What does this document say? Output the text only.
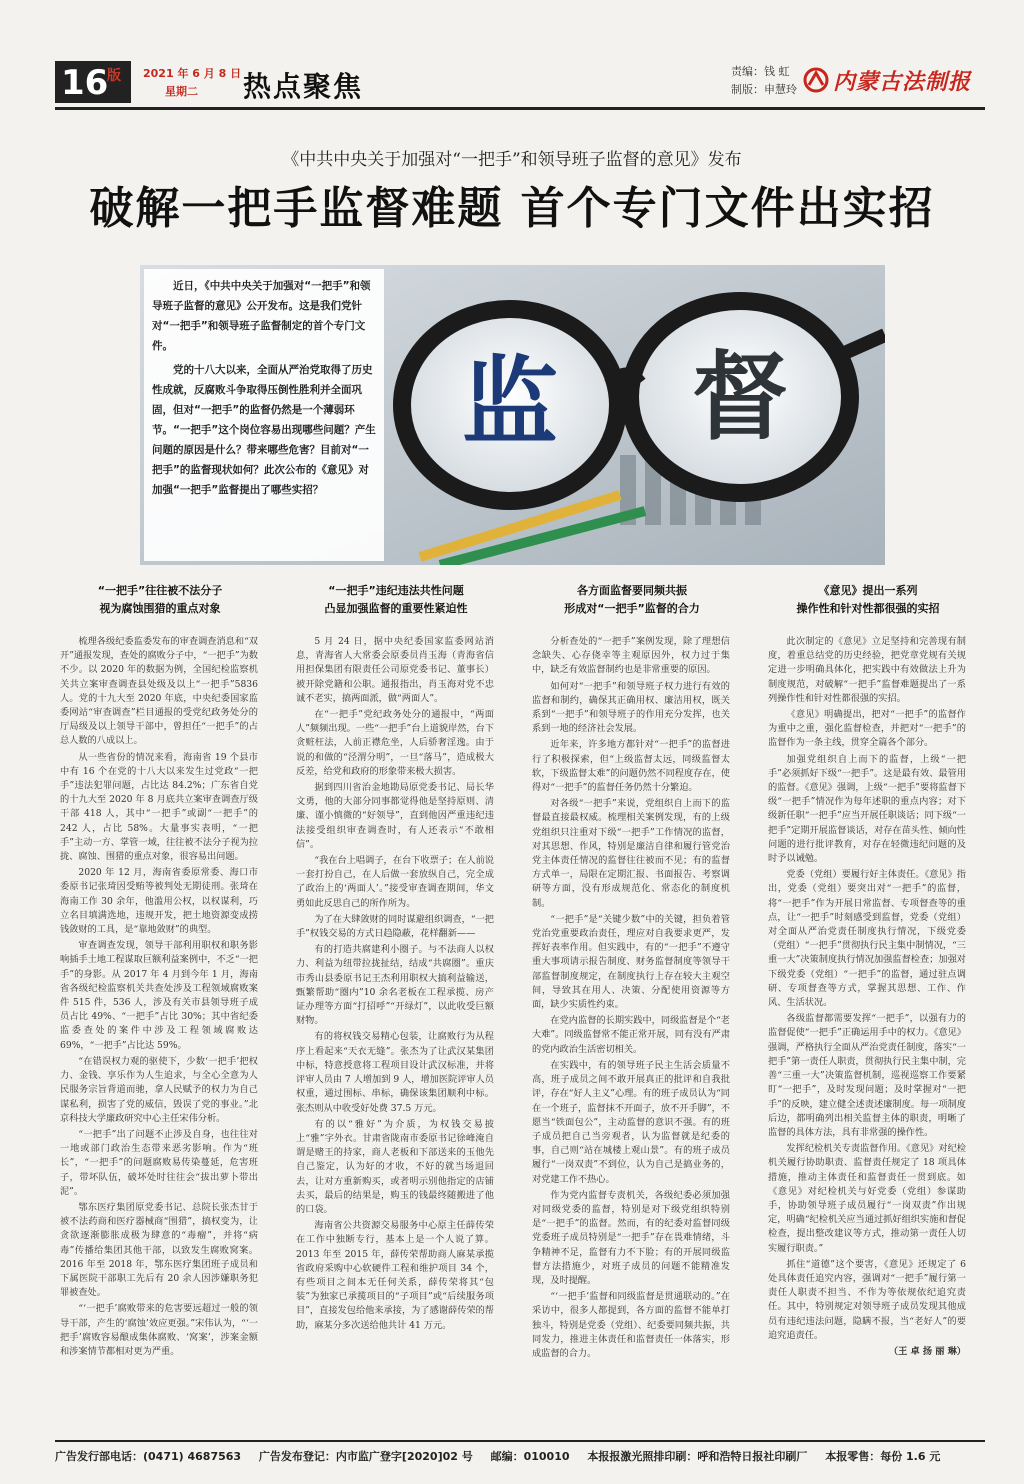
16
版	2021 年 6 月 8 日
星期二 热点聚焦	责编：钱 虹
制版：申慧玲 内蒙古法制报
《中共中央关于加强对“一把手”和领导班子监督的意见》发布
破解一把手监督难题 首个专门文件出实招
监 督

近日，《中共中央关于加强对“一把手”和领导班子监督的意见》公开发布。这是我们党针对“一把手”和领导班子监督制定的首个专门文件。

党的十八大以来，全面从严治党取得了历史性成就，反腐败斗争取得压倒性胜利并全面巩固，但对“一把手”的监督仍然是一个薄弱环节。“一把手”这个岗位容易出现哪些问题？产生问题的原因是什么？带来哪些危害？目前对“一把手”的监督现状如何？此次公布的《意见》对加强“一把手”监督提出了哪些实招？

“一把手”往往被不法分子
视为腐蚀围猎的重点对象
“一把手”违纪违法共性问题
凸显加强监督的重要性紧迫性
各方面监督要同频共振
形成对“一把手”监督的合力
《意见》提出一系列
操作性和针对性都很强的实招

梳理各级纪委监委发布的审查调查消息和“双开”通报发现，查处的腐败分子中，“一把手”为数不少。以 2020 年的数据为例，全国纪检监察机关共立案审查调查县处级及以上“一把手”5836 人。党的十九大至 2020 年底，中央纪委国家监委网站“审查调查”栏目通报的受党纪政务处分的厅局级及以上领导干部中，曾担任“一把手”的占总人数的八成以上。

从一些省份的情况来看，海南省 19 个县市中有 16 个在党的十八大以来发生过党政“一把手”违法犯罪问题，占比达 84.2%；广东省自党的十九大至 2020 年 8 月底共立案审查调查厅级干部 418 人，其中“一把手”或副“一把手”的 242 人，占比 58%。大量事实表明，“一把手”主动一方、掌管一域，往往被不法分子视为拉拢、腐蚀、围猎的重点对象，很容易出问题。

2020 年 12 月，海南省委原常委、海口市委原书记张琦因受贿等被判处无期徒刑。张琦在海南工作 30 余年，他滥用公权，以权谋利，巧立名目填满选地，违规开发，把土地资源变成捞钱敛财的工具，是“靠地敛财”的典型。

审查调查发现，领导干部利用职权和职务影响插手土地工程谋取巨额利益案例中，不乏“一把手”的身影。从 2017 年 4 月到今年 1 月，海南省各级纪检监察机关共查处涉及工程领域腐败案件 515 件，536 人，涉及有关市县领导班子成员占比 49%、“一把手”占比 30%；其中省纪委监委查处的案件中涉及工程领域腐败达 69%，“一把手”占比达 59%。

“在错误权力观的驱使下，少数‘一把手’把权力、金钱、享乐作为人生追求，与全心全意为人民服务宗旨背道而驰，拿人民赋予的权力为自己谋私利，损害了党的威信，毁误了党的事业。”北京科技大学廉政研究中心主任宋伟分析。

“一把手”出了问题不止涉及自身，也往往对一地或部门政治生态带来恶劣影响。作为“班长”，“一把手”的问题腐败易传染蔓延，危害班子，带坏队伍，破坏处时往往会“拔出萝卜带出泥”。

鄂东医疗集团原党委书记、总院长张杰甘于被不法药商和医疗器械商“围猎”，搞权变为，让贪欲逐渐膨胀成极为肆意的“毒瘤”，并将“病毒”传播给集团其他干部，以致发生腐败窝案。2016 年至 2018 年，鄂东医疗集团班子成员和下属医院干部职工先后有 20 余人因涉嫌职务犯罪被查处。

“‘一把手’腐败带来的危害要远超过一般的领导干部，产生的‘腐蚀’效应更强。”宋伟认为，“‘一把手’腐败容易酿成集体腐败、‘窝案’，涉案金额和涉案情节都相对更为严重。

5 月 24 日，据中央纪委国家监委网站消息，青海省人大常委会原委员肖玉海（青海省信用担保集团有限责任公司原党委书记、董事长）被开除党籍和公职。通报指出，肖玉海对党不忠诚不老实，搞两面派，做“两面人”。

在“一把手”党纪政务处分的通报中，“两面人”频频出现。一些“一把手”台上道貌岸然，台下贪赃枉法，人前正襟危坐，人后骄奢淫逸。由于说的和做的“泾渭分明”，一旦“落马”，造成极大反差，给党和政府的形象带来极大损害。

据到四川省治金地勘局原党委书记、局长华文勇，他的大部分同事都觉得他是坚持原则、清廉、谨小慎微的“好领导”，直到他因严重违纪违法接受组织审查调查时，有人还表示“不敢相信”。

“我在台上唱调子，在台下收票子；在人前说一套打扮自己，在人后做一套放纵自己，完全成了政治上的‘两面人’。”接受审查调查期间，华文勇如此反思自己的所作所为。

为了在大肆敛财的同时谋避组织调查，“一把手”权钱交易的方式日趋隐蔽，花样翻新——

有的打造共腐建利小圈子。与不法商人以权力、利益为纽带拉拢扯结，结成“共腐圈”。重庆市秀山县委原书记王杰利用职权大搞利益输送，甄繁帮助“圈内”10 余名老板在工程承揽、房产证办理等方面“打招呼”“开绿灯”，以此收受巨额财物。

有的将权钱交易精心包装，让腐败行为从程序上看起来“天衣无缝”。张杰为了让武汉某集团中标，特意授意将工程项目设计武汉标准，并将评审人员由 7 人增加到 9 人，增加医院评审人员权重，通过围标、串标，确保该集团顺利中标。张杰则从中收受好处费 37.5 万元。

有的以“雅好”为介质，为权钱交易披上“雅”字外衣。甘肃省陇南市委原书记徐峰淹自谓是赌王的持家，商人老板和下部送来的玉他先自己鉴定，认为好的才收，不好的就当场退回去，让对方重新购买，或者明示别他指定的店铺去买，最后的结果是，购玉的钱最终随搬进了他的口袋。

海南省公共资源交易服务中心原主任薛传荣在工作中独断专行，基本上是一个人说了算。2013 年至 2015 年，薛传荣帮助商人麻某承揽省政府采购中心软硬件工程和维护项目 34 个，有些项目之间本无任何关系，薛传荣将其“包装”为独家已承揽项目的“子项目”或“后续服务项目”，直接发包给他来承接，为了感谢薛传荣的帮助，麻某分多次送给他共计 41 万元。

分析查处的“一把手”案例发现，除了理想信念缺失、心存侥幸等主观原因外，权力过于集中，缺乏有效监督制约也是非常重要的原因。

如何对“一把手”和领导班子权力进行有效的监督和制约，确保其正确用权、廉洁用权，既关系到“一把手”和领导班子的作用充分发挥，也关系到一地的经济社会发展。

近年来，许多地方都针对“一把手”的监督进行了积极探索，但“上级监督太远，同级监督太软，下级监督太难”的问题仍然不同程度存在，使得对“一把手”的监督任务仍然十分繁迫。

对各级“一把手”来说，党组织自上而下的监督最直接最权威。梳理相关案例发现，有的上级党组织只注重对下级“一把手”工作情况的监督，对其思想、作风，特别是廉洁自律和履行管党治党主体责任情况的监督往往被而不见；有的监督方式单一，局限在定期汇报、书面报告、考察调研等方面，没有形成规范化、常态化的制度机制。

“一把手”是“关键少数”中的关键，担负着管党治党重要政治责任，理应对自我要求更严，发挥好表率作用。但实践中，有的“一把手”不遵守重大事项请示报告制度、财务监督制度等领导干部监督制度规定，在制度执行上存在较大主观空间，导致其在用人、决策、分配使用资源等方面，缺少实质性约束。

在党内监督的长期实践中，同级监督是个“老大难”。同级监督常不能正常开展，同有没有严肃的党内政治生活密切相关。

在实践中，有的领导班子民主生活会质量不高，班子成员之间不敢开展真正的批评和自我批评，存在“好人主义”心理。有的班子成员认为“同在一个班子，监督抹不开面子，放不开手脚”，不愿当“铁面包公”，主动监督的意识不强。有的班子成员把自己当旁观者，认为监督就是纪委的事，自己则“站在城楼上观山景”。有的班子成员履行“一岗双责”不到位，认为自己是搞业务的，对党建工作不热心。

作为党内监督专责机关，各级纪委必须加强对同级党委的监督，特别是对下级党组织特别是“一把手”的监督。然而，有的纪委对监督同级党委班子成员特别是“一把手”存在畏难情绪，斗争精神不足，监督有力不下脸；有的开展同级监督方法措施少，对班子成员的问题不能精准发现，及时提醒。

“‘一把手’监督和同级监督是贯通联动的。”在采访中，很多人都提到，各方面的监督不能单打独斗，特别是党委（党组）、纪委要同频共振，共同发力，推进主体责任和监督责任一体落实，形成监督的合力。

此次制定的《意见》立足坚持和完善现有制度，着重总结党的历史经验，把党章党规有关规定进一步明确具体化，把实践中有效做法上升为制度规范，对破解“一把手”监督难题提出了一系列操作性和针对性都很强的实招。

《意见》明确提出，把对“一把手”的监督作为重中之重，强化监督检查，并把对“一把手”的监督作为一条主线，贯穿全篇各个部分。

加强党组织自上而下的监督，上级“一把手”必须抓好下级“一把手”。这是最有效、最管用的监督。《意见》强调，上级“一把手”要将监督下级“一把手”情况作为每年述职的重点内容；对下级新任职“一把手”应当开展任职谈话；同下级“一把手”定期开展监督谈话，对存在苗头性、倾向性问题的进行批评教育，对存在轻微违纪问题的及时予以诫勉。

党委（党组）要履行好主体责任。《意见》指出，党委（党组）要突出对“一把手”的监督，将“一把手”作为开展日常监督、专项督查等的重点，让“一把手”时刻感受到监督，党委（党组）对全面从严治党责任制度执行情况，下级党委（党组）“一把手”贯彻执行民主集中制情况，“三重一大”决策制度执行情况加强监督检查；加强对下级党委（党组）“一把手”的监督，通过驻点调研、专项督查等方式，掌握其思想、工作、作风、生活状况。

各级监督都需要发挥“一把手”，以强有力的监督促使“一把手”正确运用手中的权力。《意见》强调，严格执行全面从严治党责任制度，落实“一把手”第一责任人职责，贯彻执行民主集中制，完善“三重一大”决策监督机制，巡视巡察工作要紧盯“一把手”，及时发现问题；及时掌握对“一把手”的反映，建立健全述责述廉制度。每一项制度后边，都明确列出相关监督主体的职责，明晰了监督的具体方法，具有非常强的操作性。

发挥纪检机关专责监督作用。《意见》对纪检机关履行协助职责、监督责任规定了 18 项具体措施，推动主体责任和监督责任一贯到底。如《意见》对纪检机关与好党委（党组）参谋助手，协助领导班子成员履行“一岗双责”作出规定，明确“纪检机关应当通过抓好组织实施和督促检查，提出整改建议等方式，推动第一责任人切实履行职责。”

抓住“道德”这个要害，《意见》还规定了 6 处具体责任追究内容，强调对“一把手”履行第一责任人职责不担当、不作为等依规依纪追究责任。其中，特别规定对领导班子成员发现其他成员有违纪违法问题，隐瞒不报，当“老好人”的要追究追责任。

（王 卓 扬 丽 琳）

广告发行部电话：(0471) 4687563 广告发布登记：内市监广登字[2020]02 号 邮编：010010 本报报激光照排印刷：呼和浩特日报社印刷厂 本报零售：每份 1.6 元
